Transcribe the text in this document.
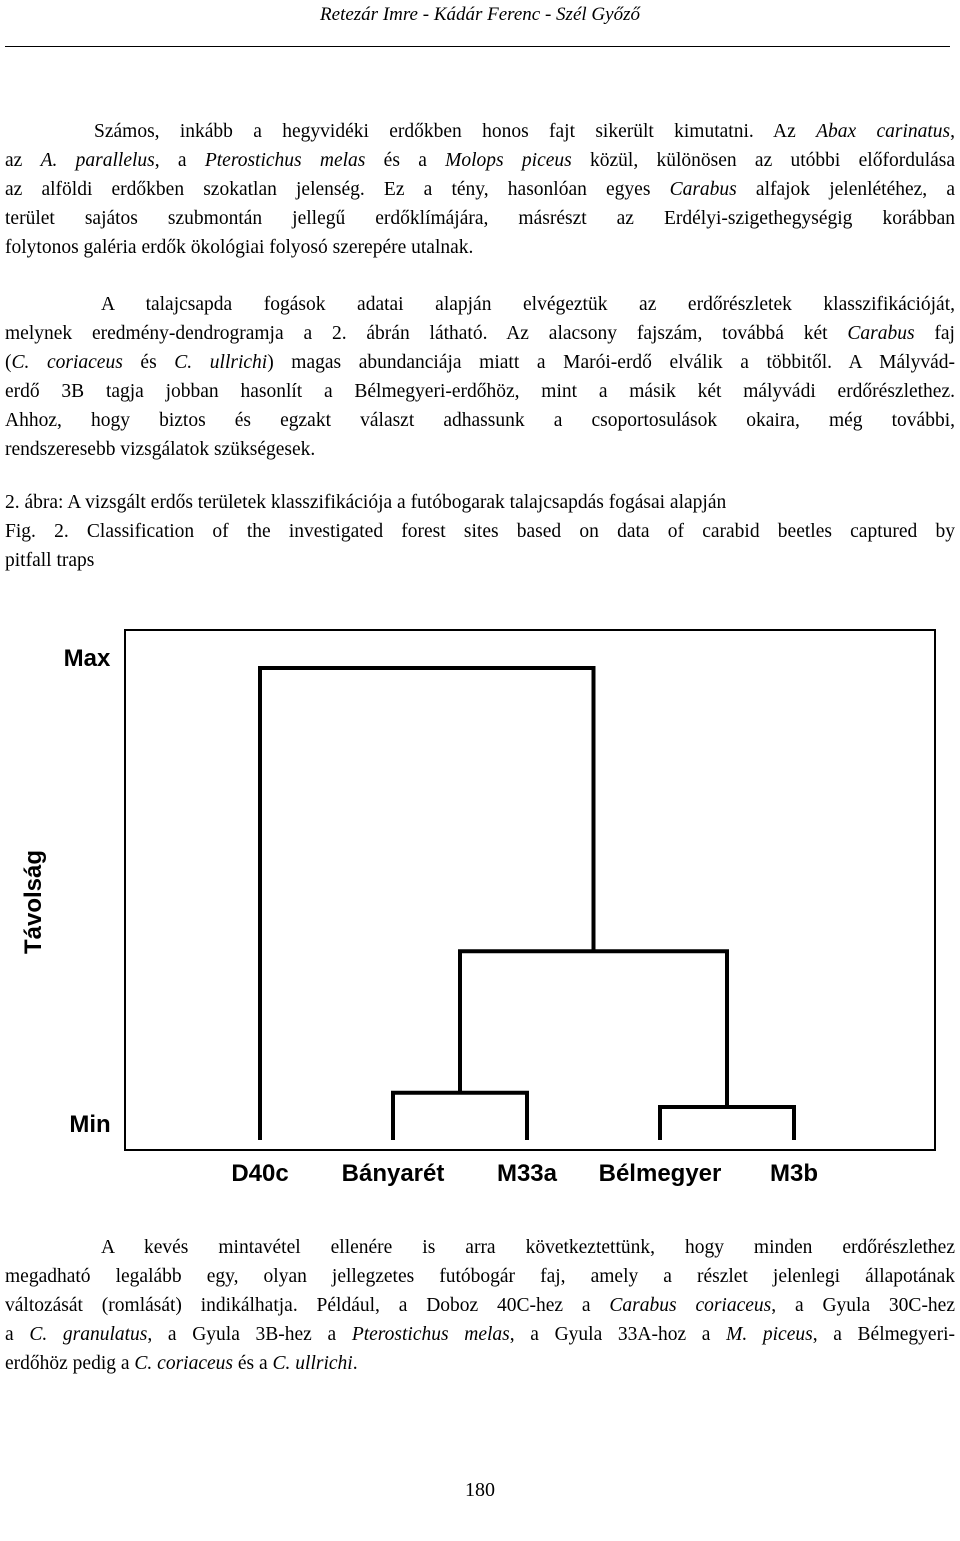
Retezár Imre - Kádár Ferenc - Szél Győző
Számos, inkább a hegyvidéki erdőkben honos fajt sikerült kimutatni. Az Abax carinatus,
az A. parallelus, a Pterostichus melas és a Molops piceus közül, különösen az utóbbi előfordulása
az alföldi erdőkben szokatlan jelenség. Ez a tény, hasonlóan egyes Carabus alfajok jelenlétéhez, a
terület sajátos szubmontán jellegű erdőklímájára, másrészt az Erdélyi-szigethegységig korábban
folytonos galéria erdők ökológiai folyosó szerepére utalnak.
A talajcsapda fogások adatai alapján elvégeztük az erdőrészletek klasszifikációját,
melynek eredmény-dendrogramja a 2. ábrán látható. Az alacsony fajszám, továbbá két Carabus faj
(C. coriaceus és C. ullrichi) magas abundanciája miatt a Marói-erdő elválik a többitől. A Mályvád-
erdő 3B tagja jobban hasonlít a Bélmegyeri-erdőhöz, mint a másik két mályvádi erdőrészlethez.
Ahhoz, hogy biztos és egzakt választ adhassunk a csoportosulások okaira, még további,
rendszeresebb vizsgálatok szükségesek.
2. ábra: A vizsgált erdős területek klasszifikációja a futóbogarak talajcsapdás fogásai alapján
Fig. 2. Classification of the investigated forest sites based on data of carabid beetles captured by
pitfall traps
Max
Min
Távolság
D40c Bányarét M33a Bélmegyer M3b
A kevés mintavétel ellenére is arra következtettünk, hogy minden erdőrészlethez
megadható legalább egy, olyan jellegzetes futóbogár faj, amely a részlet jelenlegi állapotának
változását (romlását) indikálhatja. Például, a Doboz 40C-hez a Carabus coriaceus, a Gyula 30C-hez
a C. granulatus, a Gyula 3B-hez a Pterostichus melas, a Gyula 33A-hoz a M. piceus, a Bélmegyeri-
erdőhöz pedig a C. coriaceus és a C. ullrichi.
180
